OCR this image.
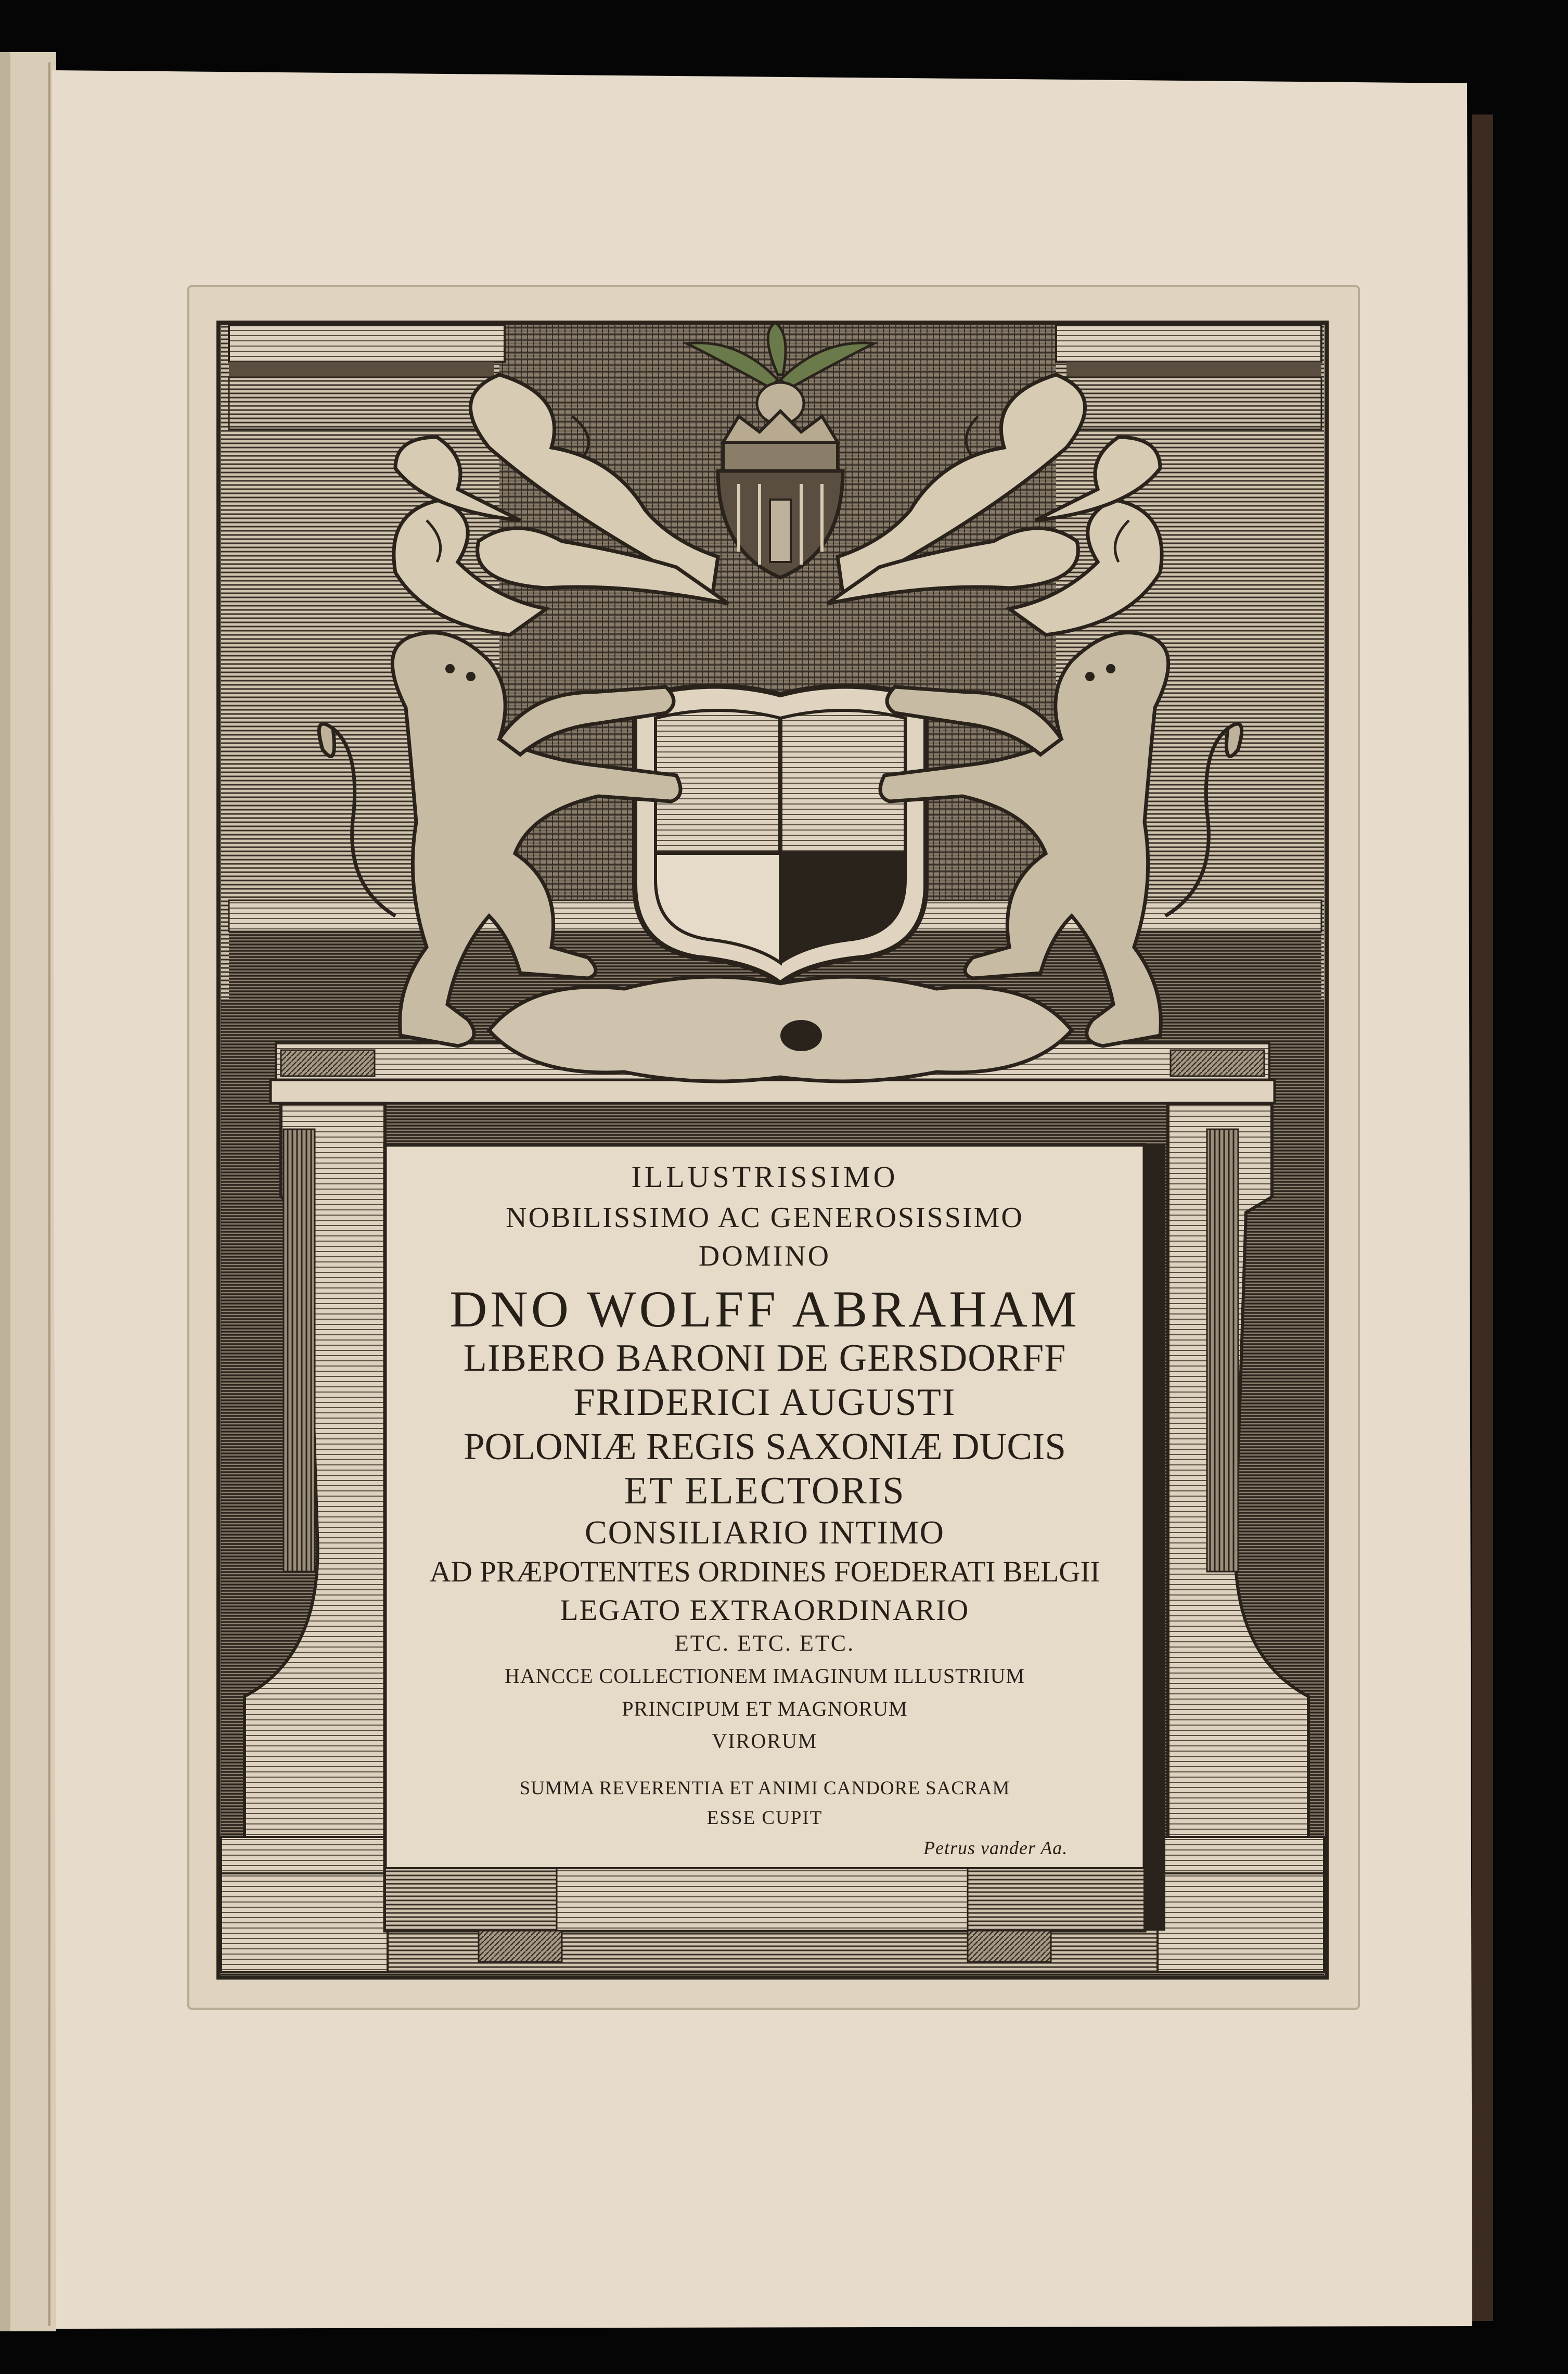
ILLUSTRISSIMO
NOBILISSIMO AC GENEROSISSIMO
DOMINO
DNO WOLFF ABRAHAM
LIBERO BARONI DE GERSDORFF
FRIDERICI AUGUSTI
POLONIÆ REGIS SAXONIÆ DUCIS
ET ELECTORIS
CONSILIARIO INTIMO
AD PRÆPOTENTES ORDINES FOEDERATI BELGII
LEGATO EXTRAORDINARIO
ETC. ETC. ETC.
HANCCE COLLECTIONEM IMAGINUM ILLUSTRIUM
PRINCIPUM ET MAGNORUM
VIRORUM
SUMMA REVERENTIA ET ANIMI CANDORE SACRAM
ESSE CUPIT
Petrus vander Aa.
